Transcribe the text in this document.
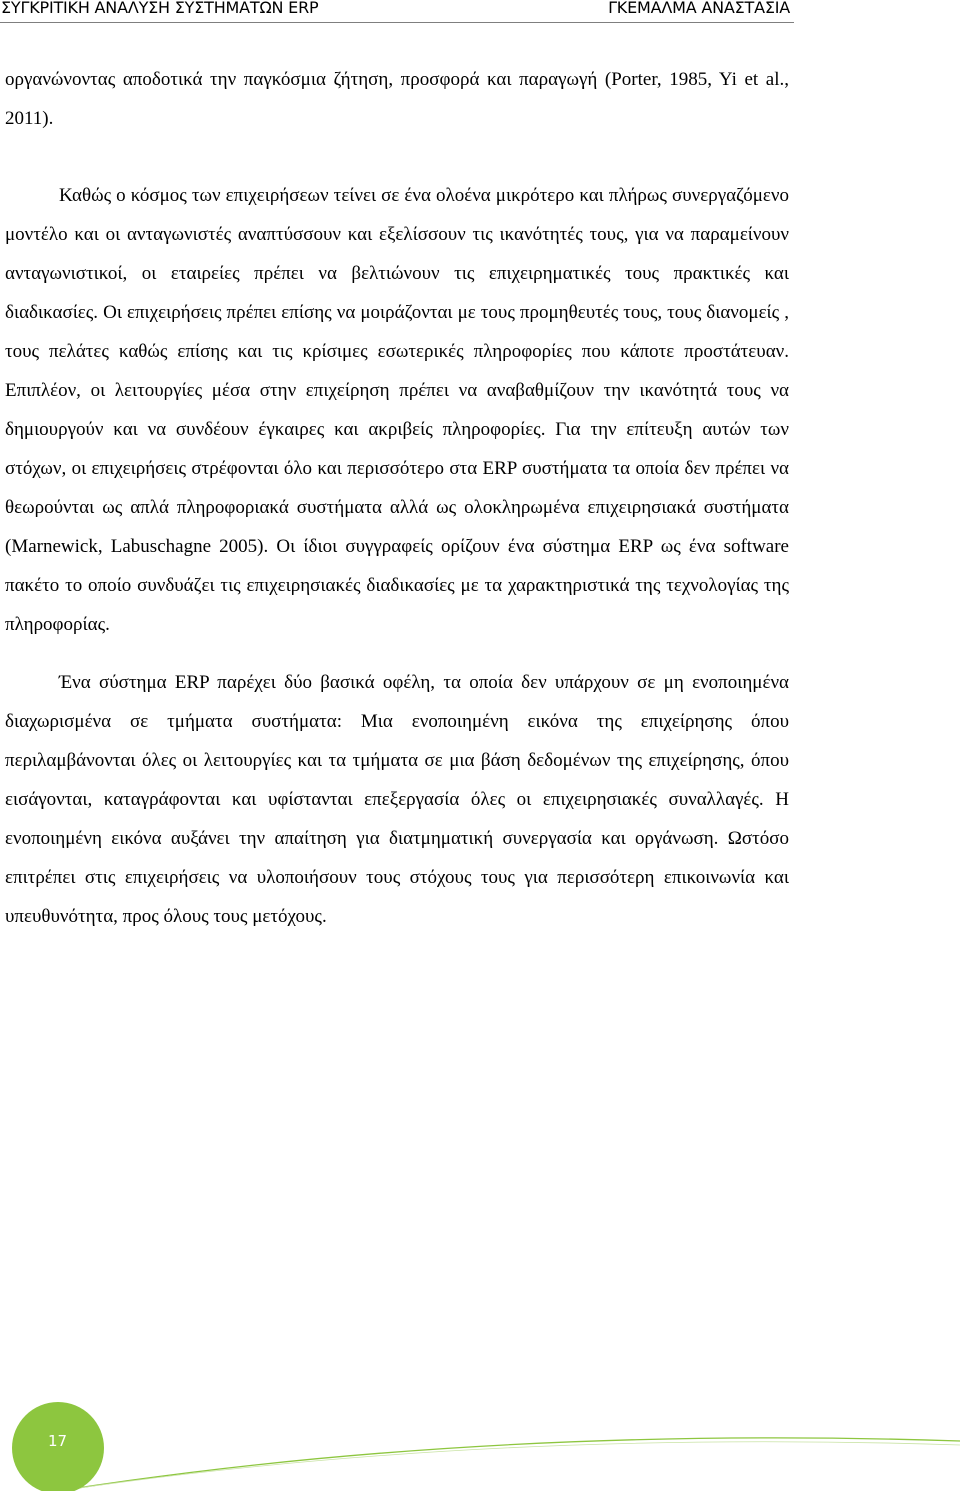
ΣΥΓΚΡΙΤΙΚΗ ΑΝΑΛΥΣΗ ΣΥΣΤΗΜΑΤΩΝ ERP	ΓΚΕΜΑΛΜΑ ΑΝΑΣΤΑΣΙΑ

οργανώνοντας αποδοτικά την παγκόσμια ζήτηση, προσφορά και παραγωγή (Porter, 1985, Yi et al., 2011).

Καθώς ο κόσμος των επιχειρήσεων τείνει σε ένα ολοένα μικρότερο και πλήρως συνεργαζόμενο μοντέλο και οι ανταγωνιστές αναπτύσσουν και εξελίσσουν τις ικανότητές τους, για να παραμείνουν ανταγωνιστικοί, οι εταιρείες πρέπει να βελτιώνουν τις επιχειρηματικές τους πρακτικές και διαδικασίες. Οι επιχειρήσεις πρέπει επίσης να μοιράζονται με τους προμηθευτές τους, τους διανομείς , τους πελάτες καθώς επίσης και τις κρίσιμες εσωτερικές πληροφορίες που κάποτε προστάτευαν. Επιπλέον, οι λειτουργίες μέσα στην επιχείρηση πρέπει να αναβαθμίζουν την ικανότητά τους να δημιουργούν και να συνδέουν έγκαιρες και ακριβείς πληροφορίες. Για την επίτευξη αυτών των στόχων, οι επιχειρήσεις στρέφονται όλο και περισσότερο στα ERP συστήματα τα οποία δεν πρέπει να θεωρούνται ως απλά πληροφοριακά συστήματα αλλά ως ολοκληρωμένα επιχειρησιακά συστήματα (Marnewick, Labuschagne 2005). Οι ίδιοι συγγραφείς ορίζουν ένα σύστημα ERP ως ένα software πακέτο το οποίο συνδυάζει τις επιχειρησιακές διαδικασίες με τα χαρακτηριστικά της τεχνολογίας της πληροφορίας.

Ένα σύστημα ERP παρέχει δύο βασικά οφέλη, τα οποία δεν υπάρχουν σε μη ενοποιημένα διαχωρισμένα σε τμήματα συστήματα: Μια ενοποιημένη εικόνα της επιχείρησης όπου περιλαμβάνονται όλες οι λειτουργίες και τα τμήματα σε μια βάση δεδομένων της επιχείρησης, όπου εισάγονται, καταγράφονται και υφίστανται επεξεργασία όλες οι επιχειρησιακές συναλλαγές. Η ενοποιημένη εικόνα αυξάνει την απαίτηση για διατμηματική συνεργασία και οργάνωση. Ωστόσο επιτρέπει στις επιχειρήσεις να υλοποιήσουν τους στόχους τους για περισσότερη επικοινωνία και υπευθυνότητα, προς όλους τους μετόχους.

17
